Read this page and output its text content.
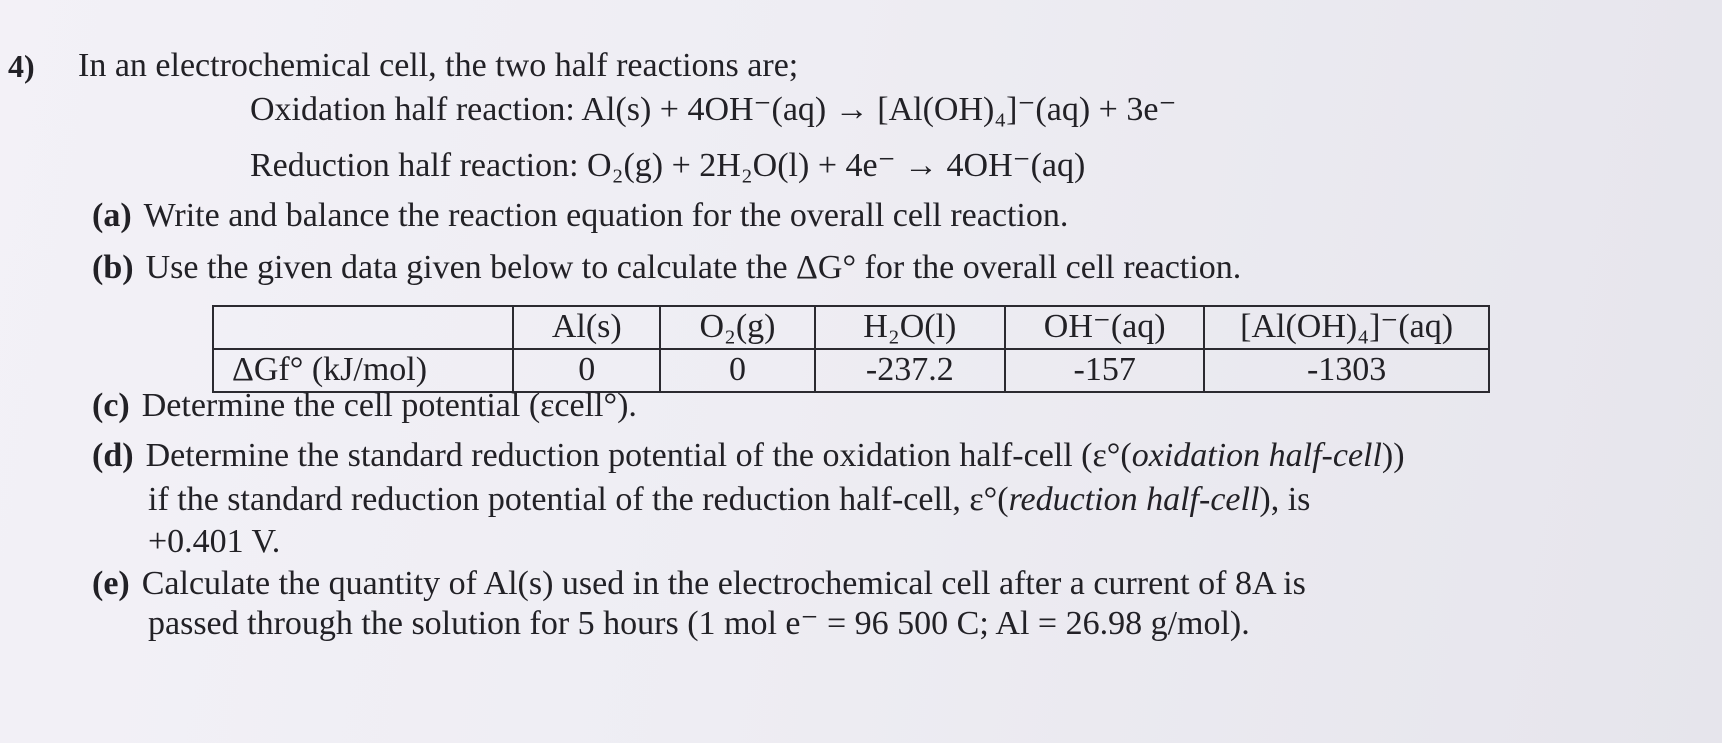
4) In an electrochemical cell, the two half reactions are;
Oxidation half reaction: Al(s) + 4OH⁻(aq) → [Al(OH)₄]⁻(aq) + 3e⁻
Reduction half reaction: O₂(g) + 2H₂O(l) + 4e⁻ → 4OH⁻(aq)
(a) Write and balance the reaction equation for the overall cell reaction.
(b) Use the given data given below to calculate the ΔG° for the overall cell reaction.
	Al(s)	O₂(g)	H₂O(l)	OH⁻(aq)	[Al(OH)₄]⁻(aq)
ΔGf° (kJ/mol)	0	0	-237.2	-157	-1303
(c) Determine the cell potential (εcell°).
(d) Determine the standard reduction potential of the oxidation half-cell (ε°(oxidation half-cell))
if the standard reduction potential of the reduction half-cell, ε°(reduction half-cell), is
+0.401 V.
(e) Calculate the quantity of Al(s) used in the electrochemical cell after a current of 8A is
passed through the solution for 5 hours (1 mol e⁻ = 96 500 C; Al = 26.98 g/mol).
